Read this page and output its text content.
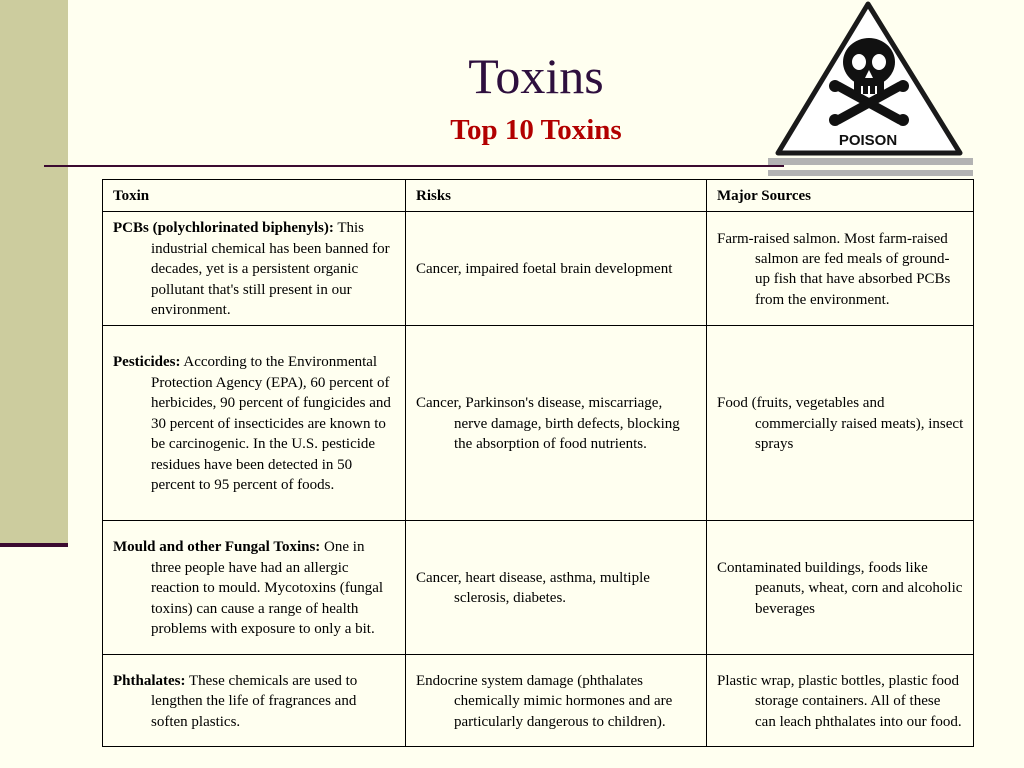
Toxins
Top 10 Toxins	POISON
Toxin	Risks	Major Sources

PCBs (polychlorinated biphenyls): This industrial chemical has been banned for decades, yet is a persistent organic pollutant that's still present in our environment.	Cancer, impaired foetal brain development	Farm-raised salmon. Most farm-raised salmon are fed meals of ground-up fish that have absorbed PCBs from the environment.

Pesticides: According to the Environmental Protection Agency (EPA), 60 percent of herbicides, 90 percent of fungicides and 30 percent of insecticides are known to be carcinogenic. In the U.S. pesticide residues have been detected in 50 percent to 95 percent of foods.	Cancer, Parkinson's disease, miscarriage, nerve damage, birth defects, blocking the absorption of food nutrients.	Food (fruits, vegetables and commercially raised meats), insect sprays

Mould and other Fungal Toxins: One in three people have had an allergic reaction to mould. Mycotoxins (fungal toxins) can cause a range of health problems with exposure to only a bit.	Cancer, heart disease, asthma, multiple sclerosis, diabetes.	Contaminated buildings, foods like peanuts, wheat, corn and alcoholic beverages

Phthalates: These chemicals are used to lengthen the life of fragrances and soften plastics.	Endocrine system damage (phthalates chemically mimic hormones and are particularly dangerous to children).	Plastic wrap, plastic bottles, plastic food storage containers. All of these can leach phthalates into our food.
